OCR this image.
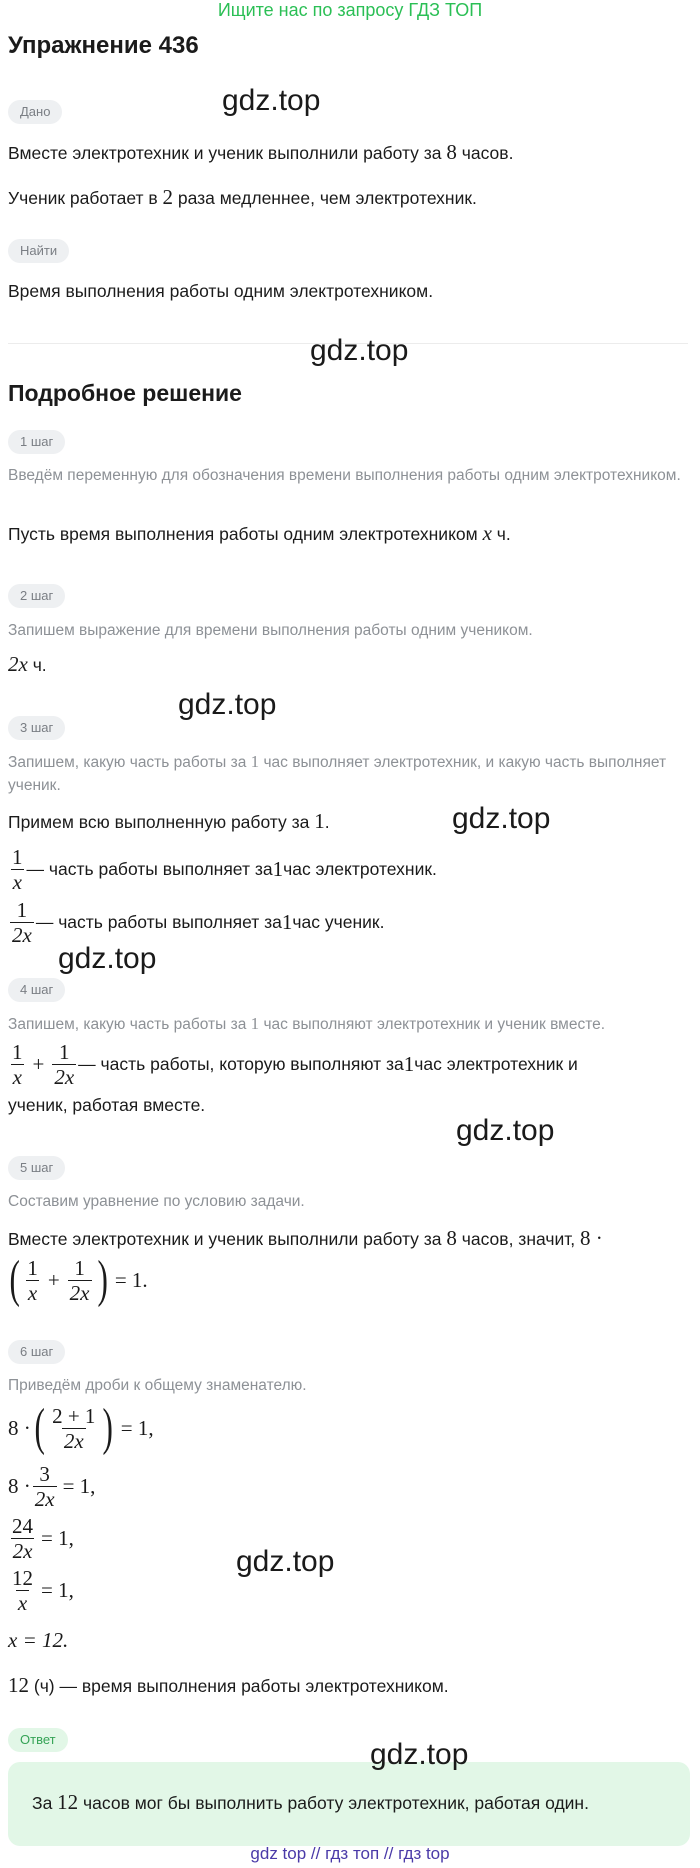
Ищите нас по запросу ГДЗ ТОП
Упражнение 436
Дано	gdz.top
Вместе электротехник и ученик выполнили работу за 8 часов.
Ученик работает в 2 раза медленнее, чем электротехник.
Найти
Время выполнения работы одним электротехником.
gdz.top
Подробное решение
1 шаг
Введём переменную для обозначения времени выполнения работы одним электротехником.
Пусть время выполнения работы одним электротехником x ч.
2 шаг
Запишем выражение для времени выполнения работы одним учеником.
2x ч.
gdz.top
3 шаг
Запишем, какую часть работы за 1 час выполняет электротехник, и какую часть выполняет ученик.
Примем всю выполненную работу за 1.	gdz.top
$\frac{1}{x}$ — часть работы выполняет за 1 час электротехник.
$\frac{1}{2x}$ — часть работы выполняет за 1 час ученик.
gdz.top
4 шаг
Запишем, какую часть работы за 1 час выполняют электротехник и ученик вместе.
$\frac{1}{x} + \frac{1}{2x}$ — часть работы, которую выполняют за 1 час электротехник и
ученик, работая вместе.
gdz.top
5 шаг
Составим уравнение по условию задачи.
Вместе электротехник и ученик выполнили работу за 8 часов, значит, 8 ·
( $\frac{1}{x} + \frac{1}{2x}$ ) = 1.
6 шаг
Приведём дроби к общему знаменателю.
8 · ( $\frac{2 + 1}{2x}$ ) = 1,
$8 \cdot \frac{3}{2x} = 1$,
$\frac{24}{2x} = 1$,
gdz.top
$\frac{12}{x} = 1$,
x = 12.
12 (ч) — время выполнения работы электротехником.
Ответ	gdz.top
За 12 часов мог бы выполнить работу электротехник, работая один.
gdz top // гдз топ // гдз top
